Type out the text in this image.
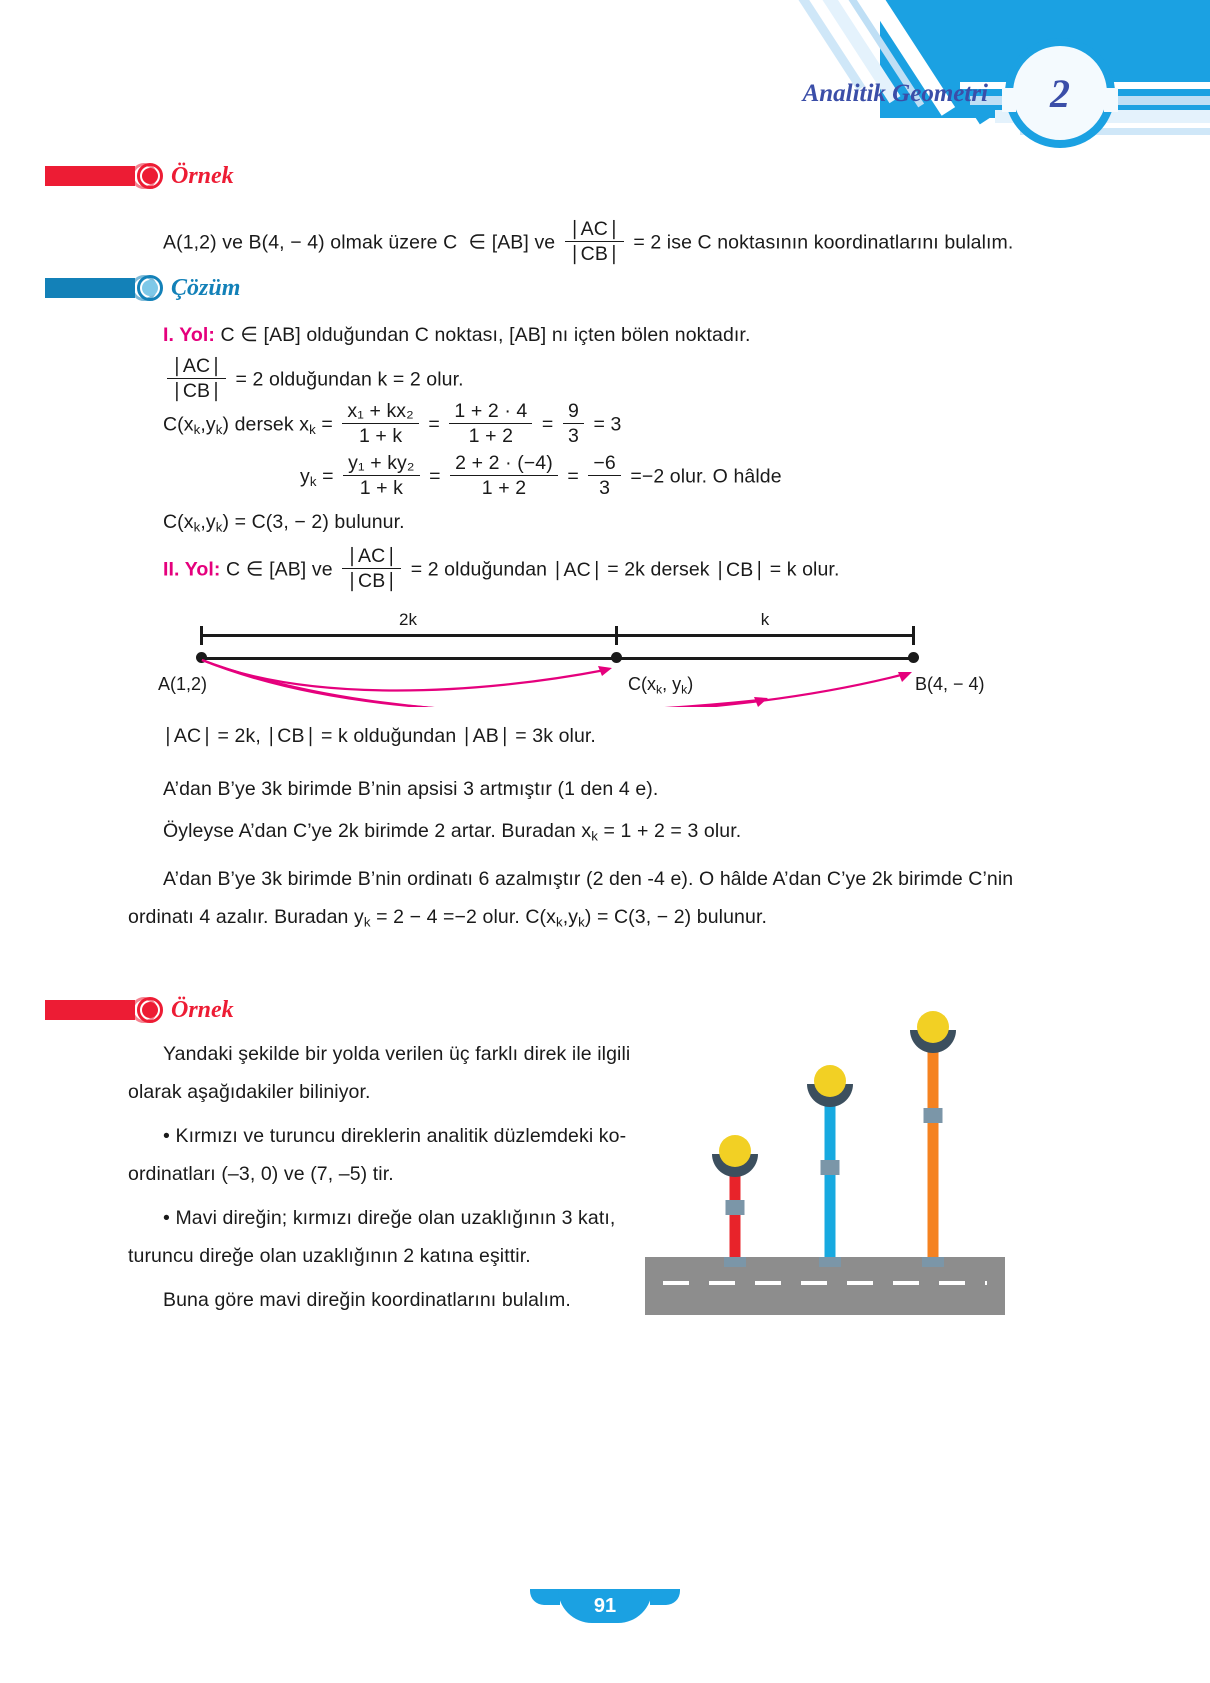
Analitik Geometri 2
Örnek
A(1,2) ve B(4, − 4) olmak üzere C  ∈ [AB] ve ∣ AC ∣
∣ CB ∣ = 2 ise C noktasının koordinatlarını bulalım.
Çözüm
I. Yol: C ∈ [AB] olduğundan C noktası, [AB] nı içten bölen noktadır.
∣ AC ∣
∣ CB ∣ = 2 olduğundan k = 2 olur.
$C(x_k,y_k)$ dersek $x_k = \frac{\text{x₁ + kx₂}}{1 + k} = \frac{1 + 2 \cdot 4}{1 + 2} = \frac{9}{3} = 3$
$y_k = \frac{\text{y₁ + ky₂}}{1 + k} = \frac{2 + 2 \cdot (-4)}{1 + 2} = \frac{-6}{3} =-2$ olur. O hâlde
$C(x_k,y_k) = C(3$, − 2) bulunur.
II. Yol: C ∈ [AB] ve ∣ AC ∣
∣ CB ∣ = 2 olduğundan ∣ AC ∣ = 2k dersek ∣ CB ∣ = k olur.
2k	k
A(1,2)	$C(x_k$, $y_k$)	B(4, − 4)
∣ AC ∣ = 2k, ∣ CB ∣ = k olduğundan ∣ AB ∣ = 3k olur.
A’dan B’ye 3k birimde B’nin apsisi 3 artmıştır (1 den 4 e).
Öyleyse A’dan C’ye 2k birimde 2 artar. Buradan $x_k = 1 + 2 = 3$ olur.
A’dan B’ye 3k birimde B’nin ordinatı 6 azalmıştır (2 den -4 e). O hâlde A’dan C’ye 2k birimde C’nin
ordinatı 4 azalır. Buradan $y_k = 2 - 4 =-2$ olur. $C(x_k,y_k) = C(3$, − 2) bulunur.
Örnek
Yandaki şekilde bir yolda verilen üç farklı direk ile ilgili
olarak aşağıdakiler biliniyor.
• Kırmızı ve turuncu direklerin analitik düzlemdeki ko-
ordinatları (–3, 0) ve (7, –5) tir.
• Mavi direğin; kırmızı direğe olan uzaklığının 3 katı,
turuncu direğe olan uzaklığının 2 katına eşittir.
Buna göre mavi direğin koordinatlarını bulalım.
91
